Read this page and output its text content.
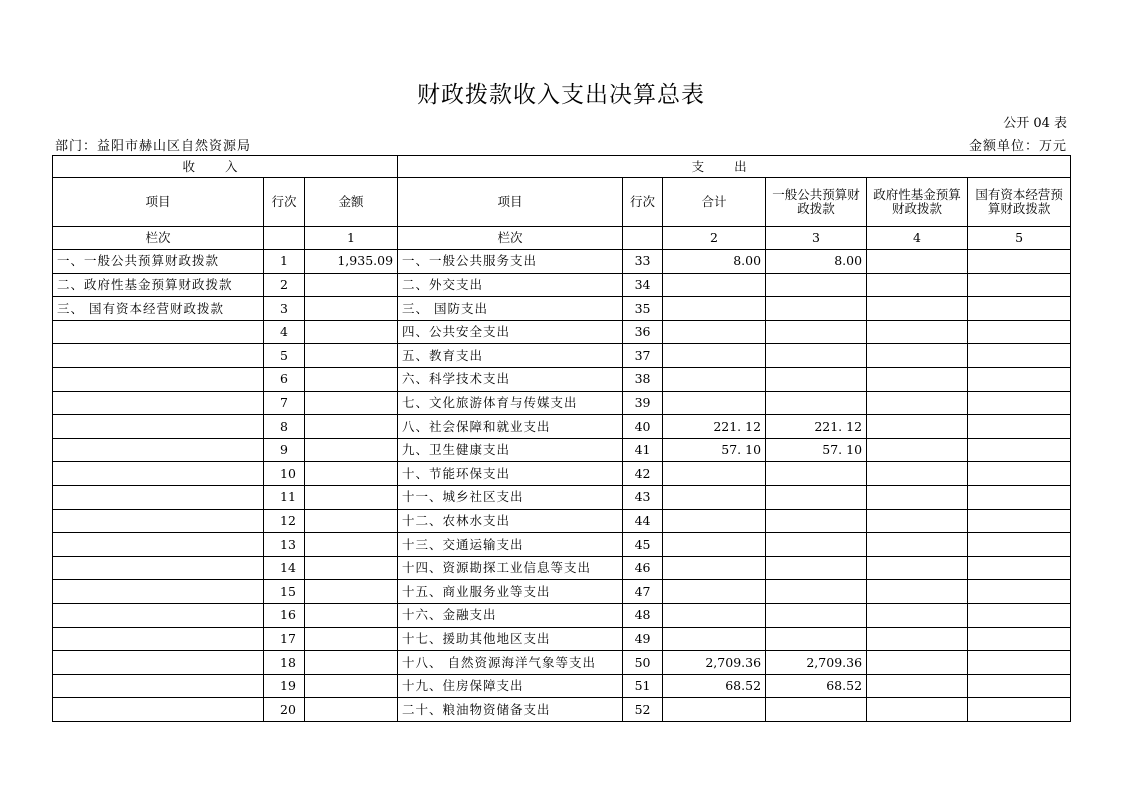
财政拨款收入支出决算总表
公开 04 表
部门：益阳市赫山区自然资源局	金额单位：万元
收入			支出					
项目	行次	金额	项目	行次	合计	一般公共预算财政拨款	政府性基金预算财政拨款	国有资本经营预算财政拨款
栏次		1	栏次		2	3	4	5
一、一般公共预算财政拨款	1	1,935.09	一、一般公共服务支出	33	8.00	8.00		
二、政府性基金预算财政拨款	2		二、外交支出	34				
三、 国有资本经营财政拨款	3		三、 国防支出	35				
	4		四、公共安全支出	36				
	5		五、教育支出	37				
	6		六、科学技术支出	38				
	7		七、文化旅游体育与传媒支出	39				
	8		八、社会保障和就业支出	40	221. 12	221. 12		
	9		九、卫生健康支出	41	57. 10	57. 10		
	10		十、节能环保支出	42				
	11		十一、城乡社区支出	43				
	12		十二、农林水支出	44				
	13		十三、交通运输支出	45				
	14		十四、资源勘探工业信息等支出	46				
	15		十五、商业服务业等支出	47				
	16		十六、金融支出	48				
	17		十七、援助其他地区支出	49				
	18		十八、 自然资源海洋气象等支出	50	2,709.36	2,709.36		
	19		十九、住房保障支出	51	68.52	68.52		
	20		二十、粮油物资储备支出	52				
